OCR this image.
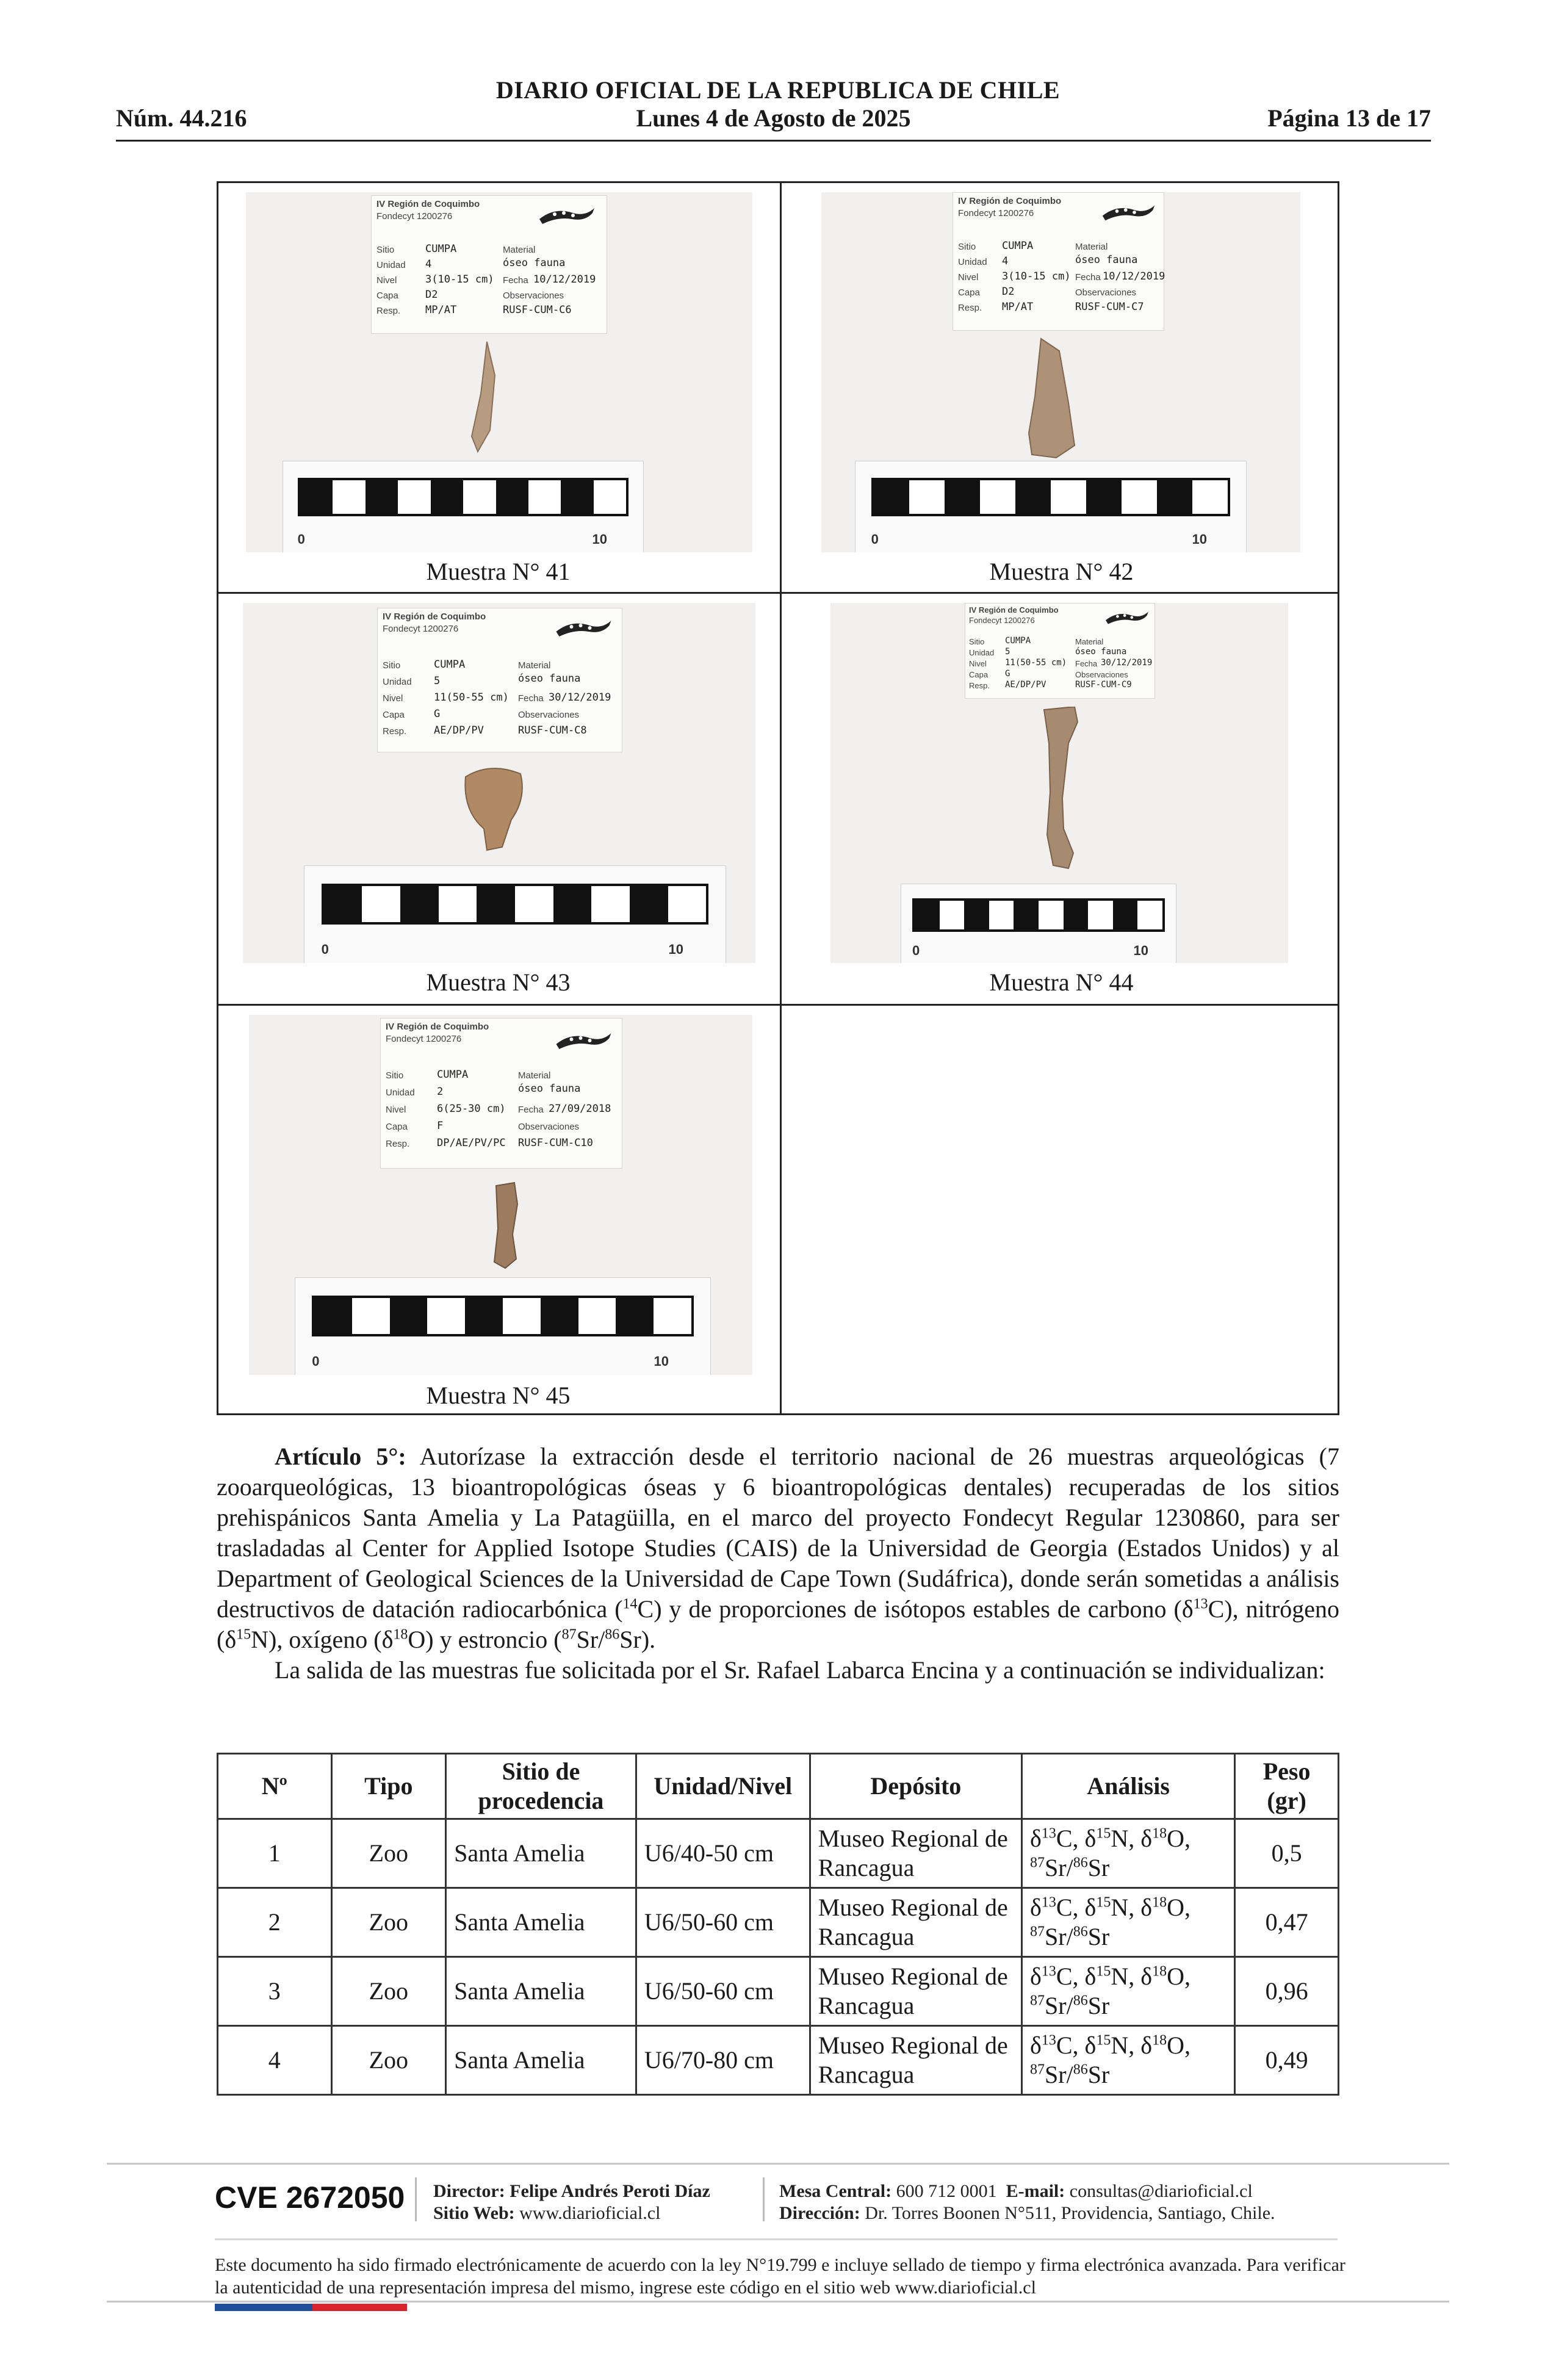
DIARIO OFICIAL DE LA REPUBLICA DE CHILE
Núm. 44.216	Lunes 4 de Agosto de 2025	Página 13 de 17
IV Región de Coquimbo
Fondecyt 1200276
Sitio	CUMPA
Unidad 4
Nivel	3(10-15 cm)
Capa	D2
Resp. MP/AT
Material
óseo fauna
Fecha 10/12/2019
Observaciones
RUSF-CUM-C6
0	10
Muestra N° 41
IV Región de Coquimbo
Fondecyt 1200276
Sitio	CUMPA
Unidad 4
Nivel 3(10-15 cm)
Capa D2
Resp. MP/AT
Material
óseo fauna
Fecha 10/12/2019
Observaciones
RUSF-CUM-C7
0	10
Muestra N° 42
IV Región de Coquimbo
Fondecyt 1200276
Sitio	CUMPA
Unidad 5
Nivel	11(50-55 cm)
Capa	G
Resp.	AE/DP/PV
Material
óseo fauna
Fecha 30/12/2019
Observaciones
RUSF-CUM-C8
0	10
Muestra N° 43
IV Región de Coquimbo
Fondecyt 1200276
Sitio CUMPA
Unidad 5
Nivel 11(50-55 cm)
Capa G
Resp. AE/DP/PV
Material
óseo fauna
Fecha 30/12/2019
Observaciones
RUSF-CUM-C9
0	10
Muestra N° 44
IV Región de Coquimbo
Fondecyt 1200276
Sitio	CUMPA
Unidad 2
Nivel	6(25-30 cm)
Capa	F
Resp.	DP/AE/PV/PC
Material
óseo fauna
Fecha 27/09/2018
Observaciones
RUSF-CUM-C10
0	10
Muestra N° 45

Artículo 5°: Autorízase la extracción desde el territorio nacional de 26 muestras arqueológicas (7 zooarqueológicas, 13 bioantropológicas óseas y 6 bioantropológicas dentales) recuperadas de los sitios prehispánicos Santa Amelia y La Patagüilla, en el marco del proyecto Fondecyt Regular 1230860, para ser trasladadas al Center for Applied Isotope Studies (CAIS) de la Universidad de Georgia (Estados Unidos) y al Department of Geological Sciences de la Universidad de Cape Town (Sudáfrica), donde serán sometidas a análisis destructivos de datación radiocarbónica ($^{14}$C) y de proporciones de isótopos estables de carbono $(\delta^{13}C)$, nitrógeno $(\delta^{15}N)$, oxígeno $(\delta^{18}O)$ y estroncio ($^{87}$Sr/$^{86}$Sr).

La salida de las muestras fue solicitada por el Sr. Rafael Labarca Encina y a continuación se individualizan:

Nº	Tipo	Sitio de procedencia	Unidad/Nivel	Depósito	Análisis	Peso (gr)
1	Zoo	Santa Amelia	U6/40-50 cm	Museo Regional de Rancagua	$\delta^{13}C$, $\delta^{15}N$, $\delta^{18}O$,
$^{87}$Sr/$^{86}$Sr	0,5
2	Zoo	Santa Amelia	U6/50-60 cm	Museo Regional de Rancagua	$\delta^{13}C$, $\delta^{15}N$, $\delta^{18}O$,
$^{87}$Sr/$^{86}$Sr	0,47
3	Zoo	Santa Amelia	U6/50-60 cm	Museo Regional de Rancagua	$\delta^{13}C$, $\delta^{15}N$, $\delta^{18}O$,
$^{87}$Sr/$^{86}$Sr	0,96
4	Zoo	Santa Amelia	U6/70-80 cm	Museo Regional de Rancagua	$\delta^{13}C$, $\delta^{15}N$, $\delta^{18}O$,
$^{87}$Sr/$^{86}$Sr	0,49
CVE 2672050 Director: Felipe Andrés Peroti Díaz
Sitio Web: www.diarioficial.cl
Mesa Central: 600 712 0001 E-mail: consultas@diarioficial.cl
Dirección: Dr. Torres Boonen N°511, Providencia, Santiago, Chile.
Este documento ha sido firmado electrónicamente de acuerdo con la ley N°19.799 e incluye sellado de tiempo y firma electrónica avanzada. Para verificar la autenticidad de una representación impresa del mismo, ingrese este código en el sitio web www.diarioficial.cl
